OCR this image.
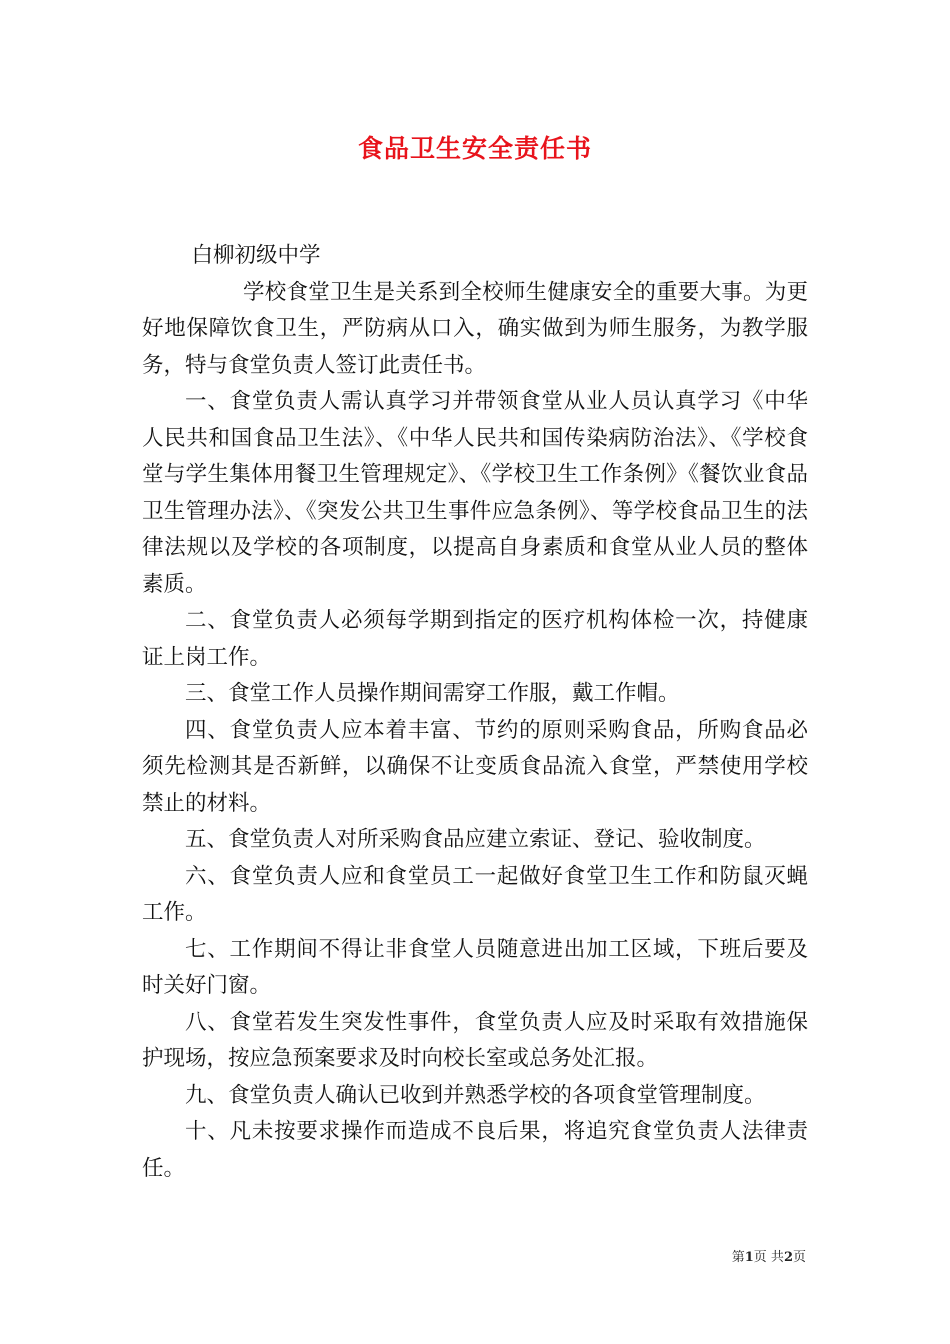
食品卫生安全责任书

白柳初级中学

学校食堂卫生是关系到全校师生健康安全的重要大事。为更好地保障饮食卫生，严防病从口入，确实做到为师生服务，为教学服务，特与食堂负责人签订此责任书。

一、食堂负责人需认真学习并带领食堂从业人员认真学习《中华人民共和国食品卫生法》、《中华人民共和国传染病防治法》、《学校食堂与学生集体用餐卫生管理规定》、《学校卫生工作条例》《餐饮业食品卫生管理办法》、《突发公共卫生事件应急条例》、等学校食品卫生的法律法规以及学校的各项制度，以提高自身素质和食堂从业人员的整体素质。

二、食堂负责人必须每学期到指定的医疗机构体检一次，持健康证上岗工作。

三、食堂工作人员操作期间需穿工作服，戴工作帽。

四、食堂负责人应本着丰富、节约的原则采购食品，所购食品必须先检测其是否新鲜，以确保不让变质食品流入食堂，严禁使用学校禁止的材料。

五、食堂负责人对所采购食品应建立索证、登记、验收制度。

六、食堂负责人应和食堂员工一起做好食堂卫生工作和防鼠灭蝇工作。

七、工作期间不得让非食堂人员随意进出加工区域，下班后要及时关好门窗。

八、食堂若发生突发性事件，食堂负责人应及时采取有效措施保护现场，按应急预案要求及时向校长室或总务处汇报。

九、食堂负责人确认已收到并熟悉学校的各项食堂管理制度。

十、凡未按要求操作而造成不良后果，将追究食堂负责人法律责任。

第1页 共2页
